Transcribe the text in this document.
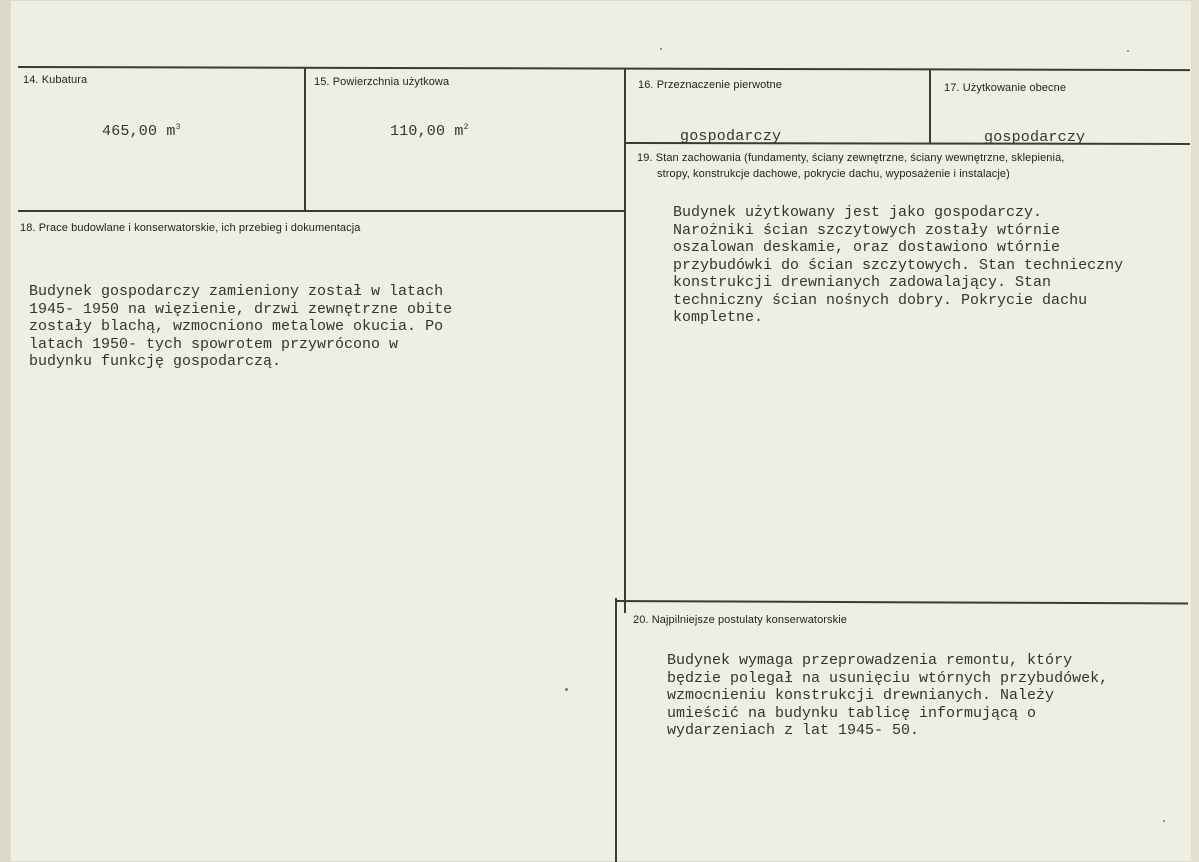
14. Kubatura
465,00 $m^3$
15. Powierzchnia użytkowa
110,00 $m^2$
16. Przeznaczenie pierwotne
gospodarczy
17. Użytkowanie obecne
gospodarczy
19. Stan zachowania (fundamenty, ściany zewnętrzne, ściany wewnętrzne, sklepienia,
stropy, konstrukcje dachowe, pokrycie dachu, wyposażenie i instalacje)
Budynek użytkowany jest jako gospodarczy.
Narożniki ścian szczytowych zostały wtórnie
oszalowan deskamie, oraz dostawiono wtórnie
przybudówki do ścian szczytowych. Stan technieczny
konstrukcji drewnianych zadowalający. Stan
techniczny ścian nośnych dobry. Pokrycie dachu
kompletne.
18. Prace budowlane i konserwatorskie, ich przebieg i dokumentacja
Budynek gospodarczy zamieniony został w latach
1945- 1950 na więzienie, drzwi zewnętrzne obite
zostały blachą, wzmocniono metalowe okucia. Po
latach 1950- tych spowrotem przywrócono w
budynku funkcję gospodarczą.
20. Najpilniejsze postulaty konserwatorskie
Budynek wymaga przeprowadzenia remontu, który
będzie polegał na usunięciu wtórnych przybudówek,
wzmocnieniu konstrukcji drewnianych. Należy
umieścić na budynku tablicę informującą o
wydarzeniach z lat 1945- 50.
